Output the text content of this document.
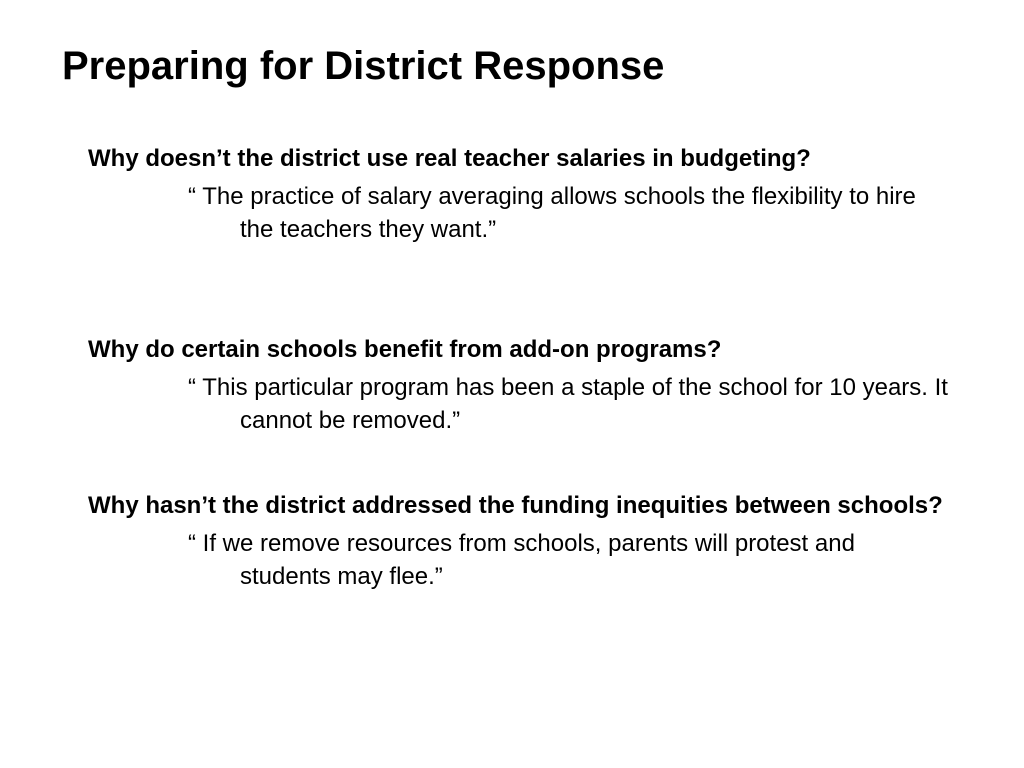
Preparing for District Response

Why doesn’t the district use real teacher salaries in budgeting?

“ The practice of salary averaging allows schools the flexibility to hire the teachers they want.”

Why do certain schools benefit from add-on programs?

“ This particular program has been a staple of the school for 10 years. It cannot be removed.”

Why hasn’t the district addressed the funding inequities between schools?

“ If we remove resources from schools, parents will protest and students may flee.”
